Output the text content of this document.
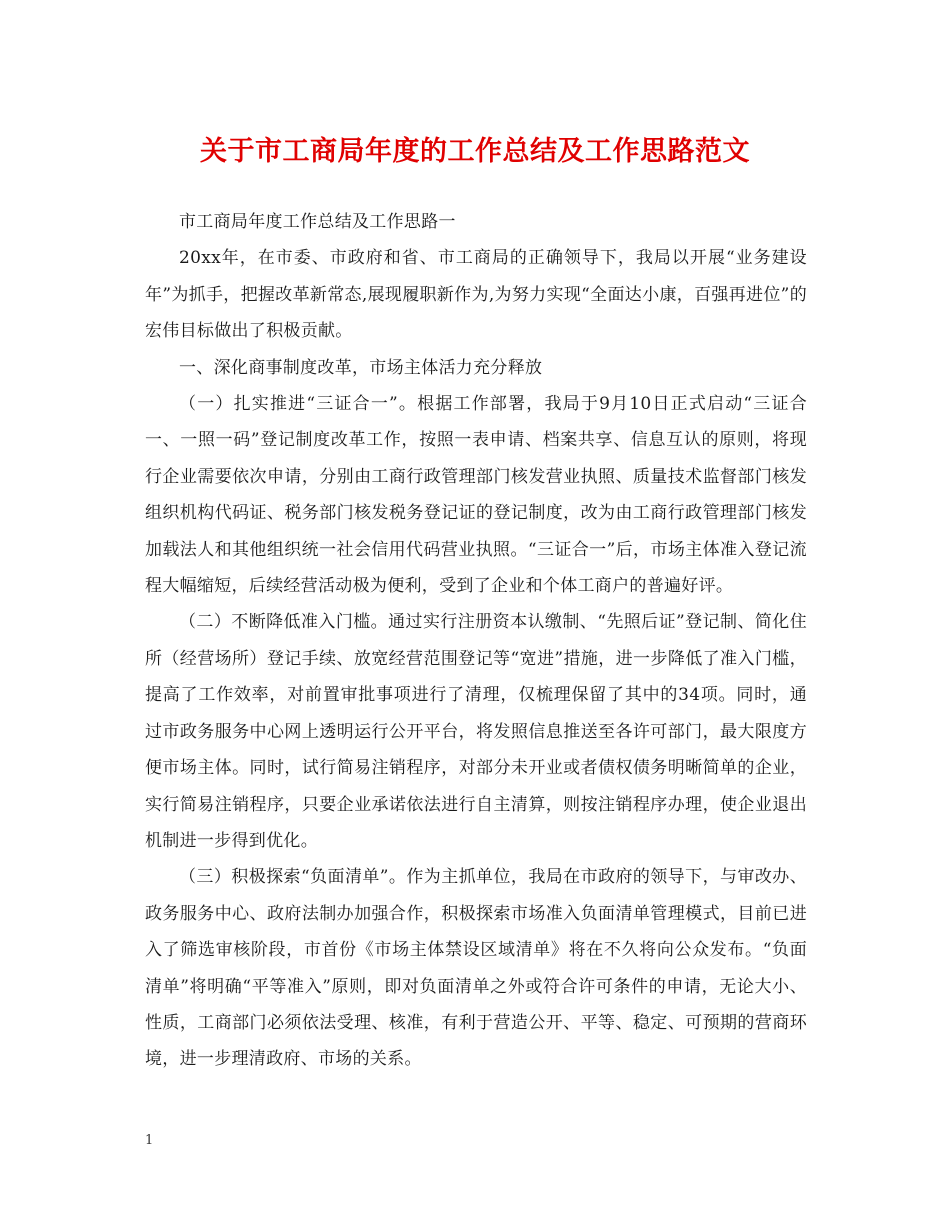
关于市工商局年度的工作总结及工作思路范文

市工商局年度工作总结及工作思路一

20xx年，在市委、市政府和省、市工商局的正确领导下，我局以开展“业务建设年”为抓手，把握改革新常态,展现履职新作为,为努力实现“全面达小康，百强再进位”的宏伟目标做出了积极贡献。

一、深化商事制度改革，市场主体活力充分释放

（一）扎实推进“三证合一”。根据工作部署，我局于9月10日正式启动“三证合一、一照一码”登记制度改革工作，按照一表申请、档案共享、信息互认的原则，将现行企业需要依次申请，分别由工商行政管理部门核发营业执照、质量技术监督部门核发组织机构代码证、税务部门核发税务登记证的登记制度，改为由工商行政管理部门核发加载法人和其他组织统一社会信用代码营业执照。“三证合一”后，市场主体准入登记流程大幅缩短，后续经营活动极为便利，受到了企业和个体工商户的普遍好评。

（二）不断降低准入门槛。通过实行注册资本认缴制、“先照后证”登记制、简化住所（经营场所）登记手续、放宽经营范围登记等“宽进”措施，进一步降低了准入门槛，提高了工作效率，对前置审批事项进行了清理，仅梳理保留了其中的34项。同时，通过市政务服务中心网上透明运行公开平台，将发照信息推送至各许可部门，最大限度方便市场主体。同时，试行简易注销程序，对部分未开业或者债权债务明晰简单的企业，实行简易注销程序，只要企业承诺依法进行自主清算，则按注销程序办理，使企业退出机制进一步得到优化。

（三）积极探索“负面清单”。作为主抓单位，我局在市政府的领导下，与审改办、政务服务中心、政府法制办加强合作，积极探索市场准入负面清单管理模式，目前已进入了筛选审核阶段，市首份《市场主体禁设区域清单》将在不久将向公众发布。“负面清单”将明确“平等准入”原则，即对负面清单之外或符合许可条件的申请，无论大小、性质，工商部门必须依法受理、核准，有利于营造公开、平等、稳定、可预期的营商环境，进一步理清政府、市场的关系。

1
